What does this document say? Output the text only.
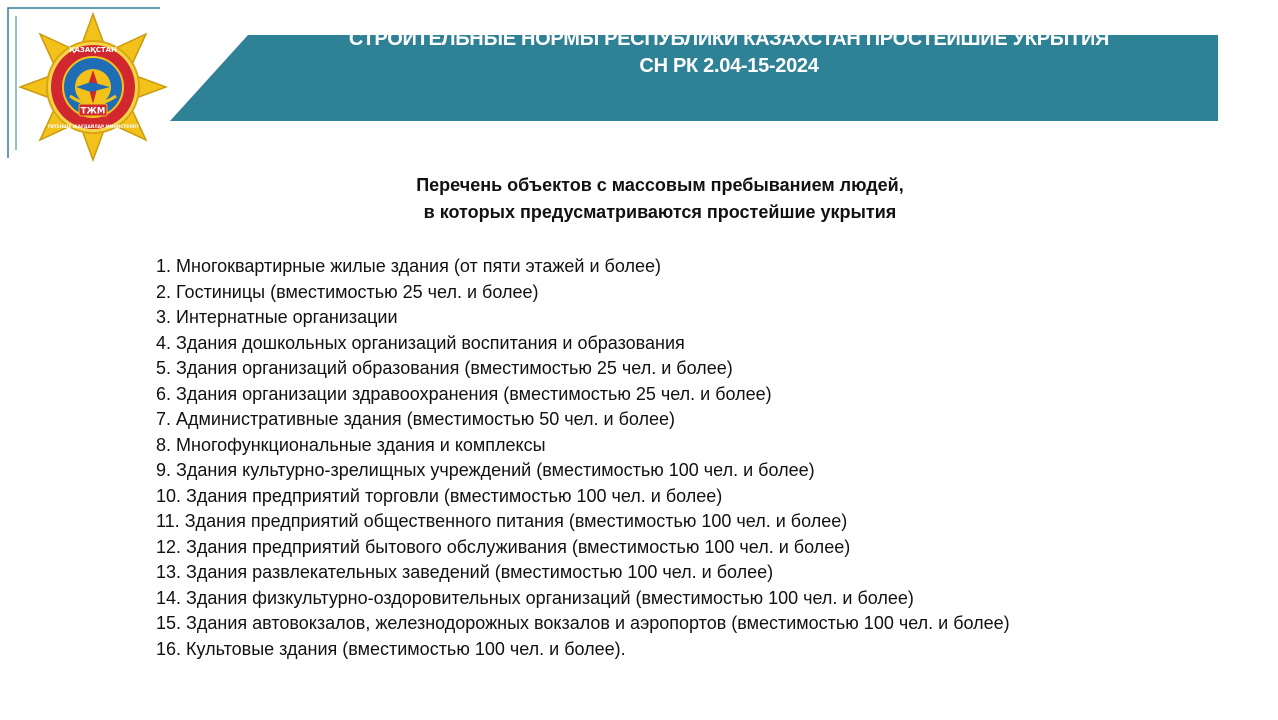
ТЖМ
ҚАЗАҚСТАН
ТӨТЕНШЕ ЖАҒДАЙЛАР МИНИСТРЛІГІ
СТРОИТЕЛЬНЫЕ НОРМЫ РЕСПУБЛИКИ КАЗАХСТАН ПРОСТЕЙШИЕ УКРЫТИЯ
СН РК 2.04-15-2024
Перечень объектов с массовым пребыванием людей,
в которых предусматриваются простейшие укрытия
1. Многоквартирные жилые здания (от пяти этажей и более)
2. Гостиницы (вместимостью 25 чел. и более)
3. Интернатные организации
4. Здания дошкольных организаций воспитания и образования
5. Здания организаций образования (вместимостью 25 чел. и более)
6. Здания организации здравоохранения (вместимостью 25 чел. и более)
7. Административные здания (вместимостью 50 чел. и более)
8. Многофункциональные здания и комплексы
9. Здания культурно-зрелищных учреждений (вместимостью 100 чел. и более)
10. Здания предприятий торговли (вместимостью 100 чел. и более)
11. Здания предприятий общественного питания (вместимостью 100 чел. и более)
12. Здания предприятий бытового обслуживания (вместимостью 100 чел. и более)
13. Здания развлекательных заведений (вместимостью 100 чел. и более)
14. Здания физкультурно-оздоровительных организаций (вместимостью 100 чел. и более)
15. Здания автовокзалов, железнодорожных вокзалов и аэропортов (вместимостью 100 чел. и более)
16. Культовые здания (вместимостью 100 чел. и более).
